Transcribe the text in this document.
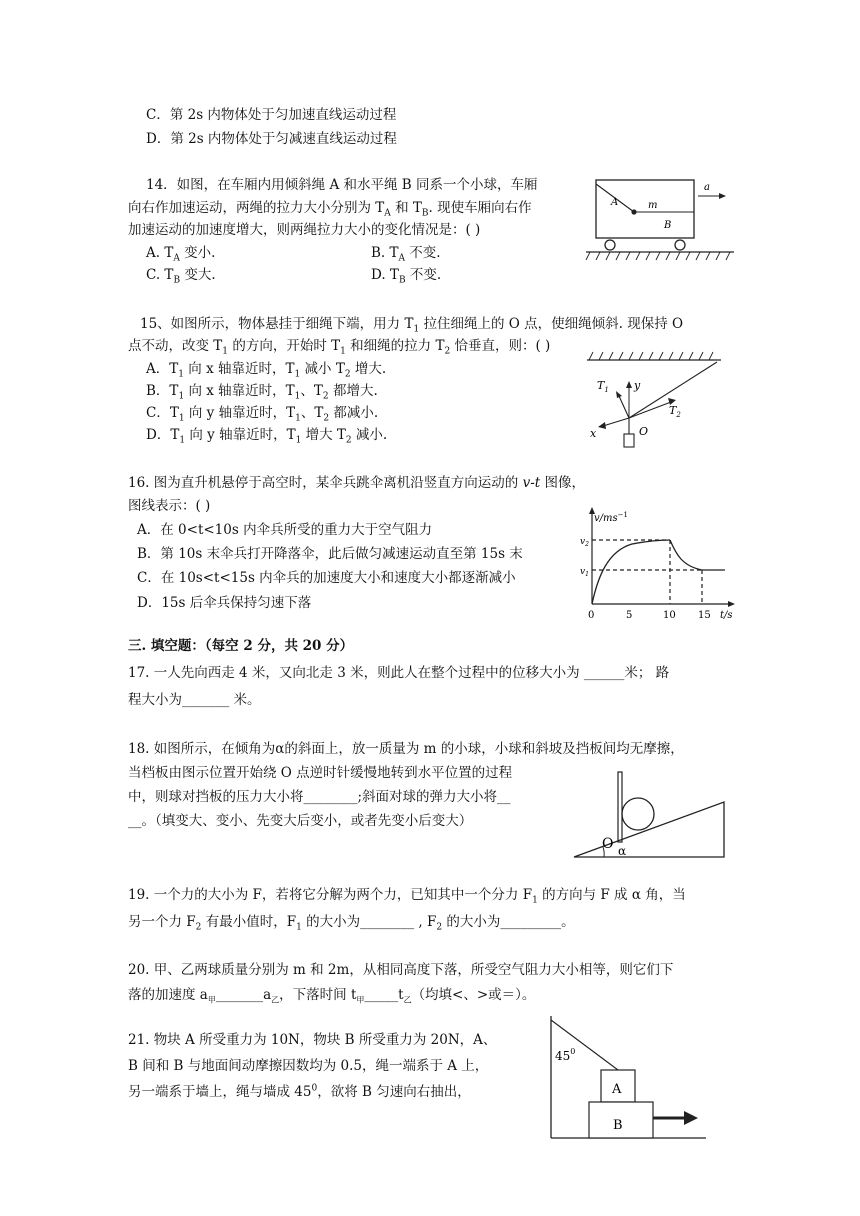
C．第 2s 内物体处于匀加速直线运动过程
D．第 2s 内物体处于匀减速直线运动过程
14．如图，在车厢内用倾斜绳 A 和水平绳 B 同系一个小球，车厢
向右作加速运动，两绳的拉力大小分别为 $T_A$ 和 $T_B$. 现使车厢向右作
加速运动的加速度增大，则两绳拉力大小的变化情况是：( )
A. $T_A$ 变小.	B. $T_A$ 不变.
C. $T_B$ 变大.	D. $T_B$ 不变.
A	m
B
a
15、如图所示，物体悬挂于细绳下端，用力 $T_1$ 拉住细绳上的 O 点，使细绳倾斜. 现保持 O
点不动，改变 $T_1$ 的方向，开始时 $T_1$ 和细绳的拉力 $T_2$ 恰垂直，则：( )
A．$T_1$ 向 x 轴靠近时，$T_1$ 减小 $T_2$ 增大.
B．$T_1$ 向 x 轴靠近时，$T_1$、$T_2$ 都增大.
C．$T_1$ 向 y 轴靠近时，$T_1$、$T_2$ 都减小.
D．$T_1$ 向 y 轴靠近时，$T_1$ 增大 $T_2$ 减小.
$T_1$ y
$T_2$
x	O
16. 图为直升机悬停于高空时，某伞兵跳伞离机沿竖直方向运动的 v-t 图像，
图线表示：( )
A．在 0<t<10s 内伞兵所受的重力大于空气阻力
B．第 10s 末伞兵打开降落伞，此后做匀减速运动直至第 15s 末
C．在 10s<t<15s 内伞兵的加速度大小和速度大小都逐渐减小
D．15s 后伞兵保持匀速下落
$v/ms^{-1}$
$v_2$
$v_1$
0	5	10 15 t/s
三. 填空题：（每空 2 分，共 20 分）
17. 一人先向西走 4 米，又向北走 3 米，则此人在整个过程中的位移大小为 ______米； 路
程大小为_______ 米。
18. 如图所示，在倾角为α的斜面上，放一质量为 m 的小球，小球和斜坡及挡板间均无摩擦，
当档板由图示位置开始绕 O 点逆时针缓慢地转到水平位置的过程
中，则球对挡板的压力大小将________;斜面对球的弹力大小将__
__。（填变大、变小、先变大后变小，或者先变小后变大）
O α
19. 一个力的大小为 F，若将它分解为两个力，已知其中一个分力 $F_1$ 的方向与 F 成 α 角，当
另一个力 $F_2$ 有最小值时，$F_1$ 的大小为________ , $F_2$ 的大小为_________。
20. 甲、乙两球质量分别为 m 和 2m，从相同高度下落，所受空气阻力大小相等，则它们下
落的加速度 $a_甲\_\_\_\_\_\_\_a_乙$，下落时间 $t_甲\_\_\_\_\_t_乙$（均填<、>或＝）。
21. 物块 A 所受重力为 10N，物块 B 所受重力为 20N，A、
B 间和 B 与地面间动摩擦因数均为 0.5，绳一端系于 A 上，
另一端系于墙上，绳与墙成 $45^0$，欲将 B 匀速向右抽出，
$45^0$
A
B
